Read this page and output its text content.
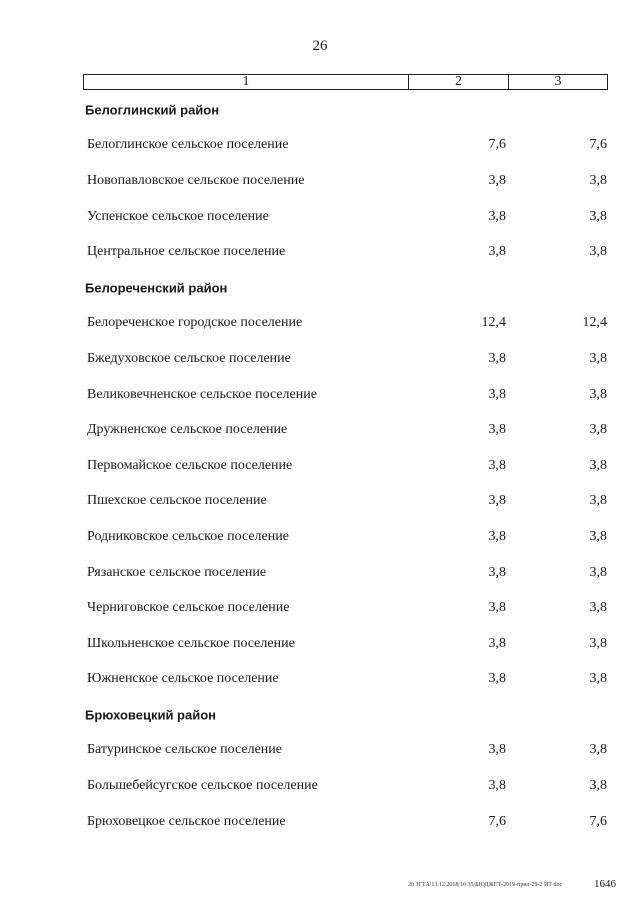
26
1	2	3
Белоглинский район
Белоглинское сельское поселение	7,6	7,6
Новопавловское сельское поселение	3,8	3,8
Успенское сельское поселение	3,8	3,8
Центральное сельское поселение	3,8	3,8
Белореченский район
Белореченское городское поселение	12,4	12,4
Бжедуховское сельское поселение	3,8	3,8
Великовечненское сельское поселение	3,8	3,8
Дружненское сельское поселение	3,8	3,8
Первомайское сельское поселение	3,8	3,8
Пшехское сельское поселение	3,8	3,8
Родниковское сельское поселение	3,8	3,8
Рязанское сельское поселение	3,8	3,8
Черниговское сельское поселение	3,8	3,8
Школьненское сельское поселение	3,8	3,8
Южненское сельское поселение	3,8	3,8
Брюховецкий район
Батуринское сельское поселение	3,8	3,8
Большебейсугское сельское поселение	3,8	3,8
Брюховецкое сельское поселение	7,6	7,6
20 ЗГТА/13.12 2018/10 35/БЮДЖЕТ-2019-прил-29-2 ИТ doc	1646
